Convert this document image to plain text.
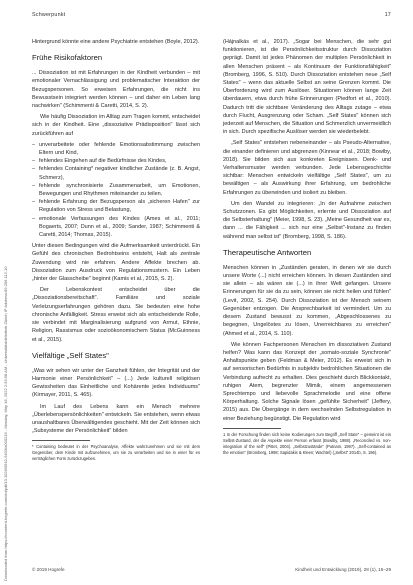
Downloaded from https://econtent.hogrefe.com/doi/pdf/10.1026/0942-5403/a000219 - Monday, May 16, 2022 2:33:58 AM - Universitätsbibliothek Zürich IP Address:89.206.112.10
Schwerpunkt	17

Hintergrund könnte eine andere Psychiatrie entstehen (Boyle, 2012).

Frühe Risikofaktoren

... Dissoziation ist mit Erfahrungen in der Kindheit verbunden – mit emotionaler Vernachlässigung und problematischer Interaktion der Bezugspersonen. So erweisen Erfahrungen, die nicht ins Bewusstsein integriert werden können – und daher ein Leben lang nachwirken" (Schimmenti & Caretti, 2014, S. 2).

Wie häufig Dissoziation im Alltag zum Tragen kommt, entscheidet sich in der Kindheit. Eine „dissoziative Prädisposition" lässt sich zurückführen auf

– unverarbeitete oder fehlende Emotionsabstimmung zwischen Eltern und Kind,
– fehlendes Eingehen auf die Bedürfnisse des Kindes,
– fehlendes Containing* negativer kindlicher Zustände (z. B. Angst, Schmerz),
– fehlende synchronisierte Zusammenarbeit, um Emotionen, Bewegungen und Rhythmen miteinander zu teilen,
– fehlende Erfahrung der Bezugsperson als „sicheren Hafen" zur Regulation von Stress und Belastung,
– emotionale Verfassungen des Kindes (Ames et al., 2011; Bogaerts, 2007; Dunn et al., 2009; Sander, 1987; Schimmenti & Caretti, 2014; Thomas, 2015).

Unter diesen Bedingungen wird die Aufmerksamkeit unterdrückt. Ein Gefühl des chronischen Bedrohtseins entsteht, Halt als zentrale Zuwendung wird nie erfahren. Andere Affekte brechen ab. Dissoziation zum Ausdruck von Regulationsmustern. Ein Leben „hinter der Glasscheibe" beginnt (Kamis et al., 2015, S. 2).

Der Lebenskontext entscheidet über die „Dissoziationsbereitschaft". Familiäre und soziale Verletzungserfahrungen gehören dazu. Sie bedeuten eine hohe chronische Anfälligkeit. Stress erweist sich als entscheidende Rolle, sie verbindet mit Marginalisierung aufgrund von Armut, Ethnie, Religion, Rassismus oder sozioökonomischem Status (McGuinness et al., 2015).

Vielfältige „Self States"

„Was wir sehen wir unter der Ganzheit fühlen, der Integrität und der Harmonie einer Persönlichkeit" – (...) Jede kulturell religiösen Gewissheiten das Einheitliche und Kohärente jedes Individuums" (Kirmayer, 2011, S. 465).

Im Lauf des Lebens kann ein Mensch mehrere „Überlebenspersönlichkeiten" entwickeln. Sie entstehen, wenn etwas unaushaltbares Überwältigendes geschieht. Mit der Zeit können sich „Subsysteme der Persönlichkeit" bilden

* Containing bedeutet in der Psychoanalyse, Affekte wahrzunehmen und sie mit dem Gegenüber, dem Kinde mit aufzunehmen, um sie zu verarbeiten und sie in einer für es verträglichen Form zurückzugeben.

(Hájnalkás et al., 2017). „Sogar bei Menschen, die sehr gut funktionieren, ist die Persönlichkeitsstruktur durch Dissoziation geprägt. Damit ist jedes Phänomen der multiplen Persönlichkeit in allen Menschen präsent – als Kontinuum der Funktionsfähigkeit" (Bromberg, 1996, S. 510). Durch Dissoziation entstehen neue „Self States" – wenn das aktuelle Selbst an seine Grenzen kommt. Die Überforderung wird zum Auslöser. Situationen können lange Zeit überdauern, etwa durch frühe Erinnerungen (Piedfort et al., 2010). Dadurch tritt die sichtbare Veränderung des Alltags zutage – etwa durch Flucht, Ausgrenzung oder Scham. „Self States" können sich jederzeit auf Menschen, die Situation und Schmerzlich unvermeidlich in sich. Durch spezifische Auslöser werden sie wiederbelebt.

„Self States" entstehen nebeneinander – als Pseudo-Alternative, die einander definieren und abgrenzen (Kinnear et al., 2018; Bowlby, 2018). Sie bilden sich aus konkreten Ereignissen. Denk- und Verhaltensmuster werden verbunden. Jede Lebensgeschichte sichtbar: Menschen entwickeln vielfältige „Self States", um zu bewältigen – als Auswirkung ihrer Erfahrung, um bedrohliche Erfahrungen zu überwinden und isoliert zu bleiben.

Um den Wandel zu integrieren: „In der Aufnahme zwischen Schutzzonen. Es gibt Möglichkeiten, erlernte und Dissoziation auf die Selbsterhaltung" (Meier, 1998, S. 23). „Meine Gesundheit war es, dann ... die Fähigkeit ... sich nur eine „Selbst"-Instanz zu finden während man selbst ist" (Bromberg, 1998, S. 186).

Therapeutische Antworten

Menschen können in „Zuständen geraten, in denen wir sie durch unsere Worte (...) nicht erreichen können. In diesen Zuständen sind sie allein – als wären sie (...) in ihrer Welt gefangen. Unsere Erinnerungen für sie da zu sein, können sie nicht heilen und fühlen" (Levit, 2002, S. 254). Durch Dissoziation ist der Mensch seinem Gegenüber entzogen. Die Ansprechbarkeit ist vermindert. Um zu diesem Zustand bewusst zu kommen, „Abgeschlossenes zu begegnen, Ungelöstes zu lösen, Unerreichbares zu erreichen" (Ahmed et al., 2014, S. 110).

Wie können Fachpersonen Menschen im dissoziativen Zustand helfen? Was kann das Konzept der „somato-soziale Synchronie" Anhaltspunkte geben (Feldman & Meier, 2012). Es erweist sich in auf sensorischen Bedürfnis in subjektiv bedrohlichen Situationen die Verbindung aufrecht zu erhalten. Dies geschieht durch Blickkontakt, ruhigen Atem, begrenzter Mimik, einem angemessenen Sprechtempo und liebevolle Sprachmelodie und eine offene Körperhaltung. Solche Signale lösen „gefühlte Sicherheit" (Jeffery, 2015) aus. Die Übergänge in dem wechselnden Selbstregulation in einer Beziehung begünstigt. Die Regulation wird

1 In der Forschung finden sich keine Kodierungen zum Begriff „Self State" – gemeint ist ein Selbst-Zustand, der die Aspekte einer Person erfasst (Bowlby, 1988). „Reconciled vs. non-integration of the self" (Pittet, 2004). „Selbstzustände" (Putnam, 1997). „Self-contained as the emotion" (Bromberg, 1998; Sapidakis & Kleen; Wachtel) („Selbst" 2014b, S. 196).

© 2019 Hogrefe	Kindheit und Entwicklung (2019), 28 (1), 15–29
